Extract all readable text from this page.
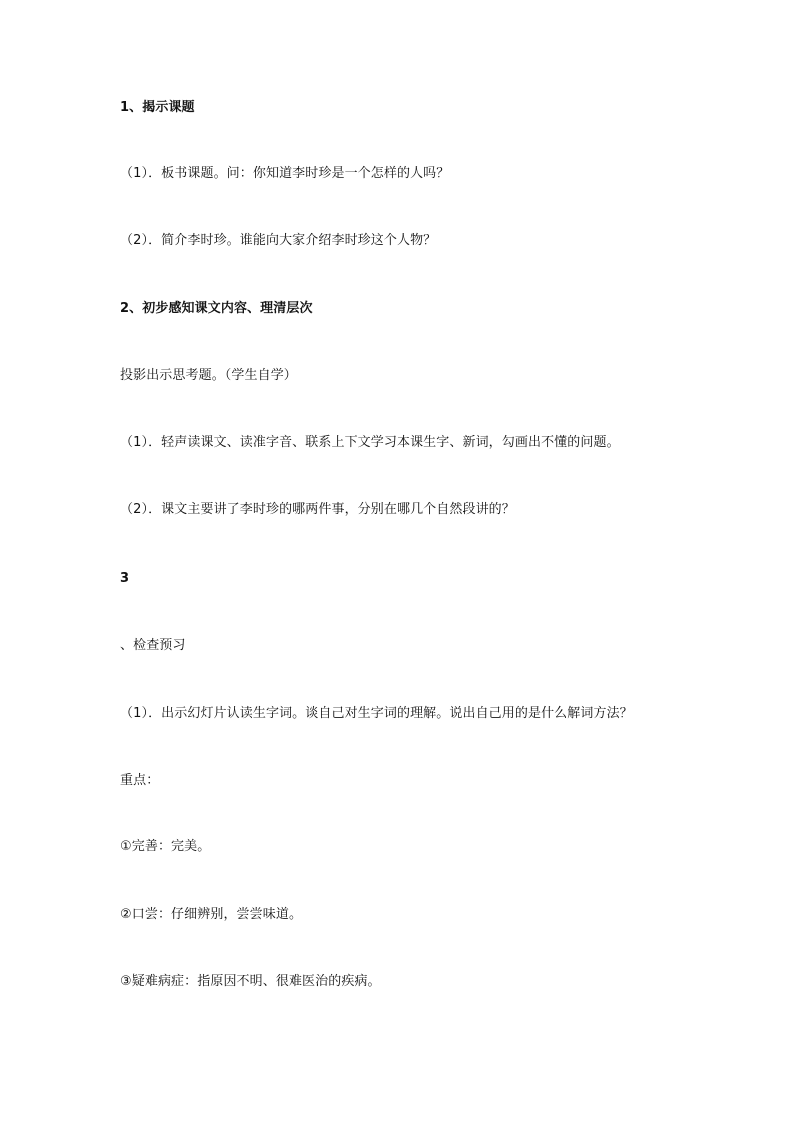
1、揭示课题
（1）．板书课题。问：你知道李时珍是一个怎样的人吗？
（2）．简介李时珍。谁能向大家介绍李时珍这个人物？
2、初步感知课文内容、理清层次
投影出示思考题。（学生自学）
（1）．轻声读课文、读准字音、联系上下文学习本课生字、新词，勾画出不懂的问题。
（2）．课文主要讲了李时珍的哪两件事，分别在哪几个自然段讲的？
3
、检查预习
（1）．出示幻灯片认读生字词。谈自己对生字词的理解。说出自己用的是什么解词方法？
重点：
①完善：完美。
②口尝：仔细辨别，尝尝味道。
③疑难病症：指原因不明、很难医治的疾病。
